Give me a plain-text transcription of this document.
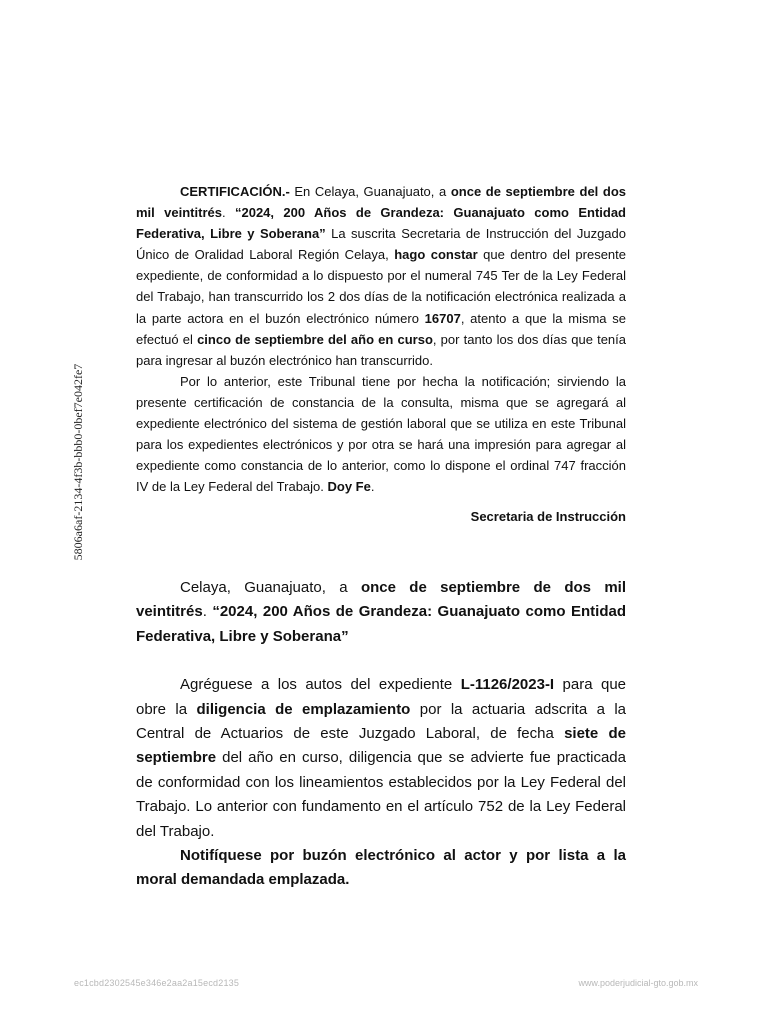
5806a6af-2134-4f3b-bbb0-0bef7e042fe7

CERTIFICACIÓN.- En Celaya, Guanajuato, a once de septiembre del dos mil veintitrés. “2024, 200 Años de Grandeza: Guanajuato como Entidad Federativa, Libre y Soberana” La suscrita Secretaria de Instrucción del Juzgado Único de Oralidad Laboral Región Celaya, hago constar que dentro del presente expediente, de conformidad a lo dispuesto por el numeral 745 Ter de la Ley Federal del Trabajo, han transcurrido los 2 dos días de la notificación electrónica realizada a la parte actora en el buzón electrónico número 16707, atento a que la misma se efectuó el cinco de septiembre del año en curso, por tanto los dos días que tenía para ingresar al buzón electrónico han transcurrido.

Por lo anterior, este Tribunal tiene por hecha la notificación; sirviendo la presente certificación de constancia de la consulta, misma que se agregará al expediente electrónico del sistema de gestión laboral que se utiliza en este Tribunal para los expedientes electrónicos y por otra se hará una impresión para agregar al expediente como constancia de lo anterior, como lo dispone el ordinal 747 fracción IV de la Ley Federal del Trabajo. Doy Fe.

Secretaria de Instrucción

Celaya, Guanajuato, a once de septiembre de dos mil veintitrés. “2024, 200 Años de Grandeza: Guanajuato como Entidad Federativa, Libre y Soberana”

Agréguese a los autos del expediente L-1126/2023-I para que obre la diligencia de emplazamiento por la actuaria adscrita a la Central de Actuarios de este Juzgado Laboral, de fecha siete de septiembre del año en curso, diligencia que se advierte fue practicada de conformidad con los lineamientos establecidos por la Ley Federal del Trabajo. Lo anterior con fundamento en el artículo 752 de la Ley Federal del Trabajo.

Notifíquese por buzón electrónico al actor y por lista a la moral demandada emplazada.

ec1cbd2302545e346e2aa2a15ecd2135	www.poderjudicial-gto.gob.mx
